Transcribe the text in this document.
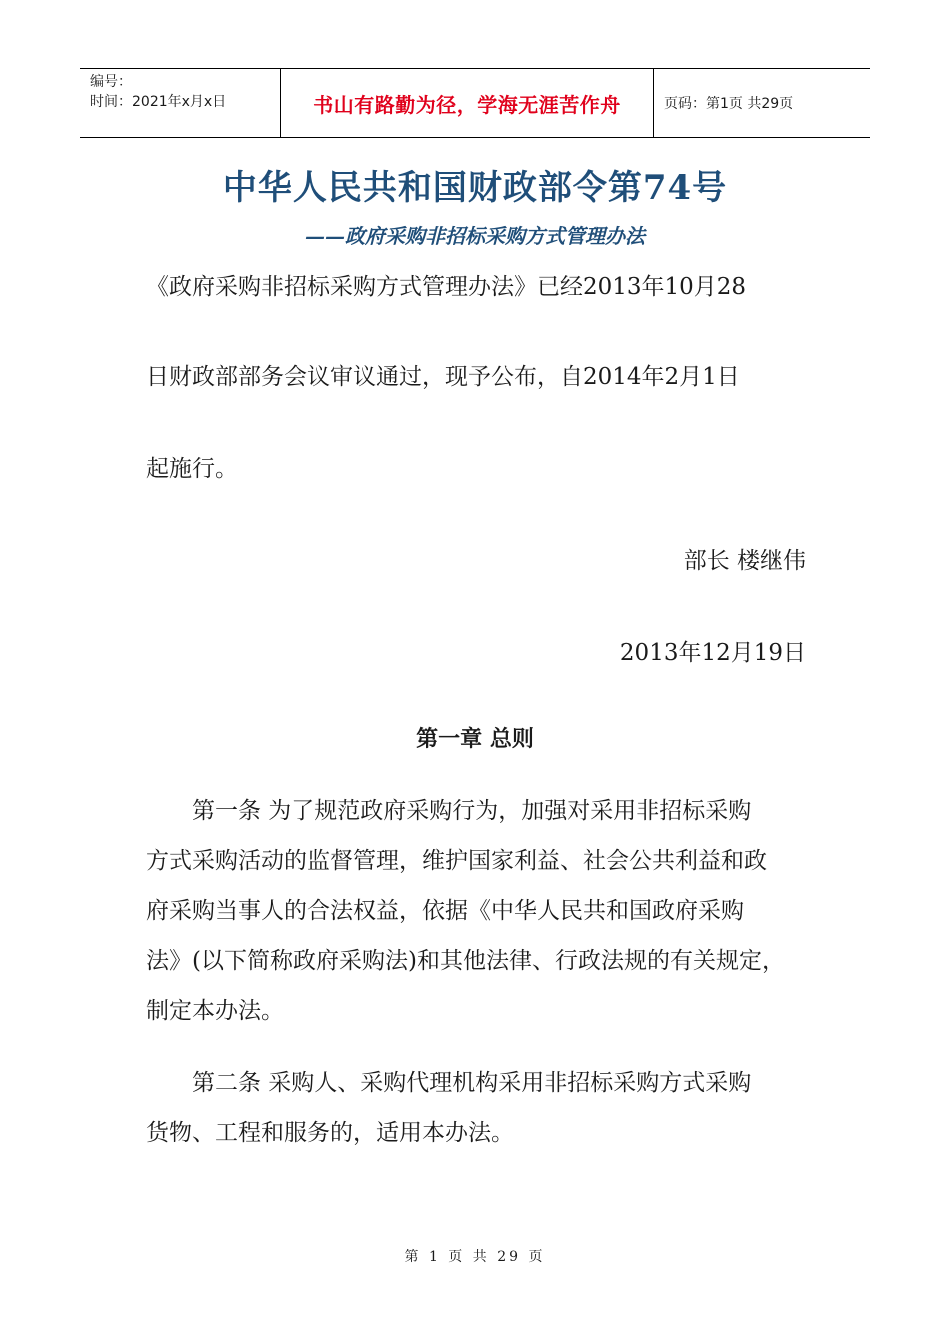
编号：
时间：2021年x月x日	书山有路勤为径，学海无涯苦作舟	页码：第1页 共29页
中华人民共和国财政部令第74号
——政府采购非招标采购方式管理办法
《政府采购非招标采购方式管理办法》已经2013年10月28
日财政部部务会议审议通过，现予公布，自2014年2月1日
起施行。
部长 楼继伟
2013年12月19日
第一章 总则
第一条 为了规范政府采购行为，加强对采用非招标采购
方式采购活动的监督管理，维护国家利益、社会公共利益和政
府采购当事人的合法权益，依据《中华人民共和国政府采购
法》(以下简称政府采购法)和其他法律、行政法规的有关规定，
制定本办法。
第二条 采购人、采购代理机构采用非招标采购方式采购
货物、工程和服务的，适用本办法。
第 1 页 共 29 页
